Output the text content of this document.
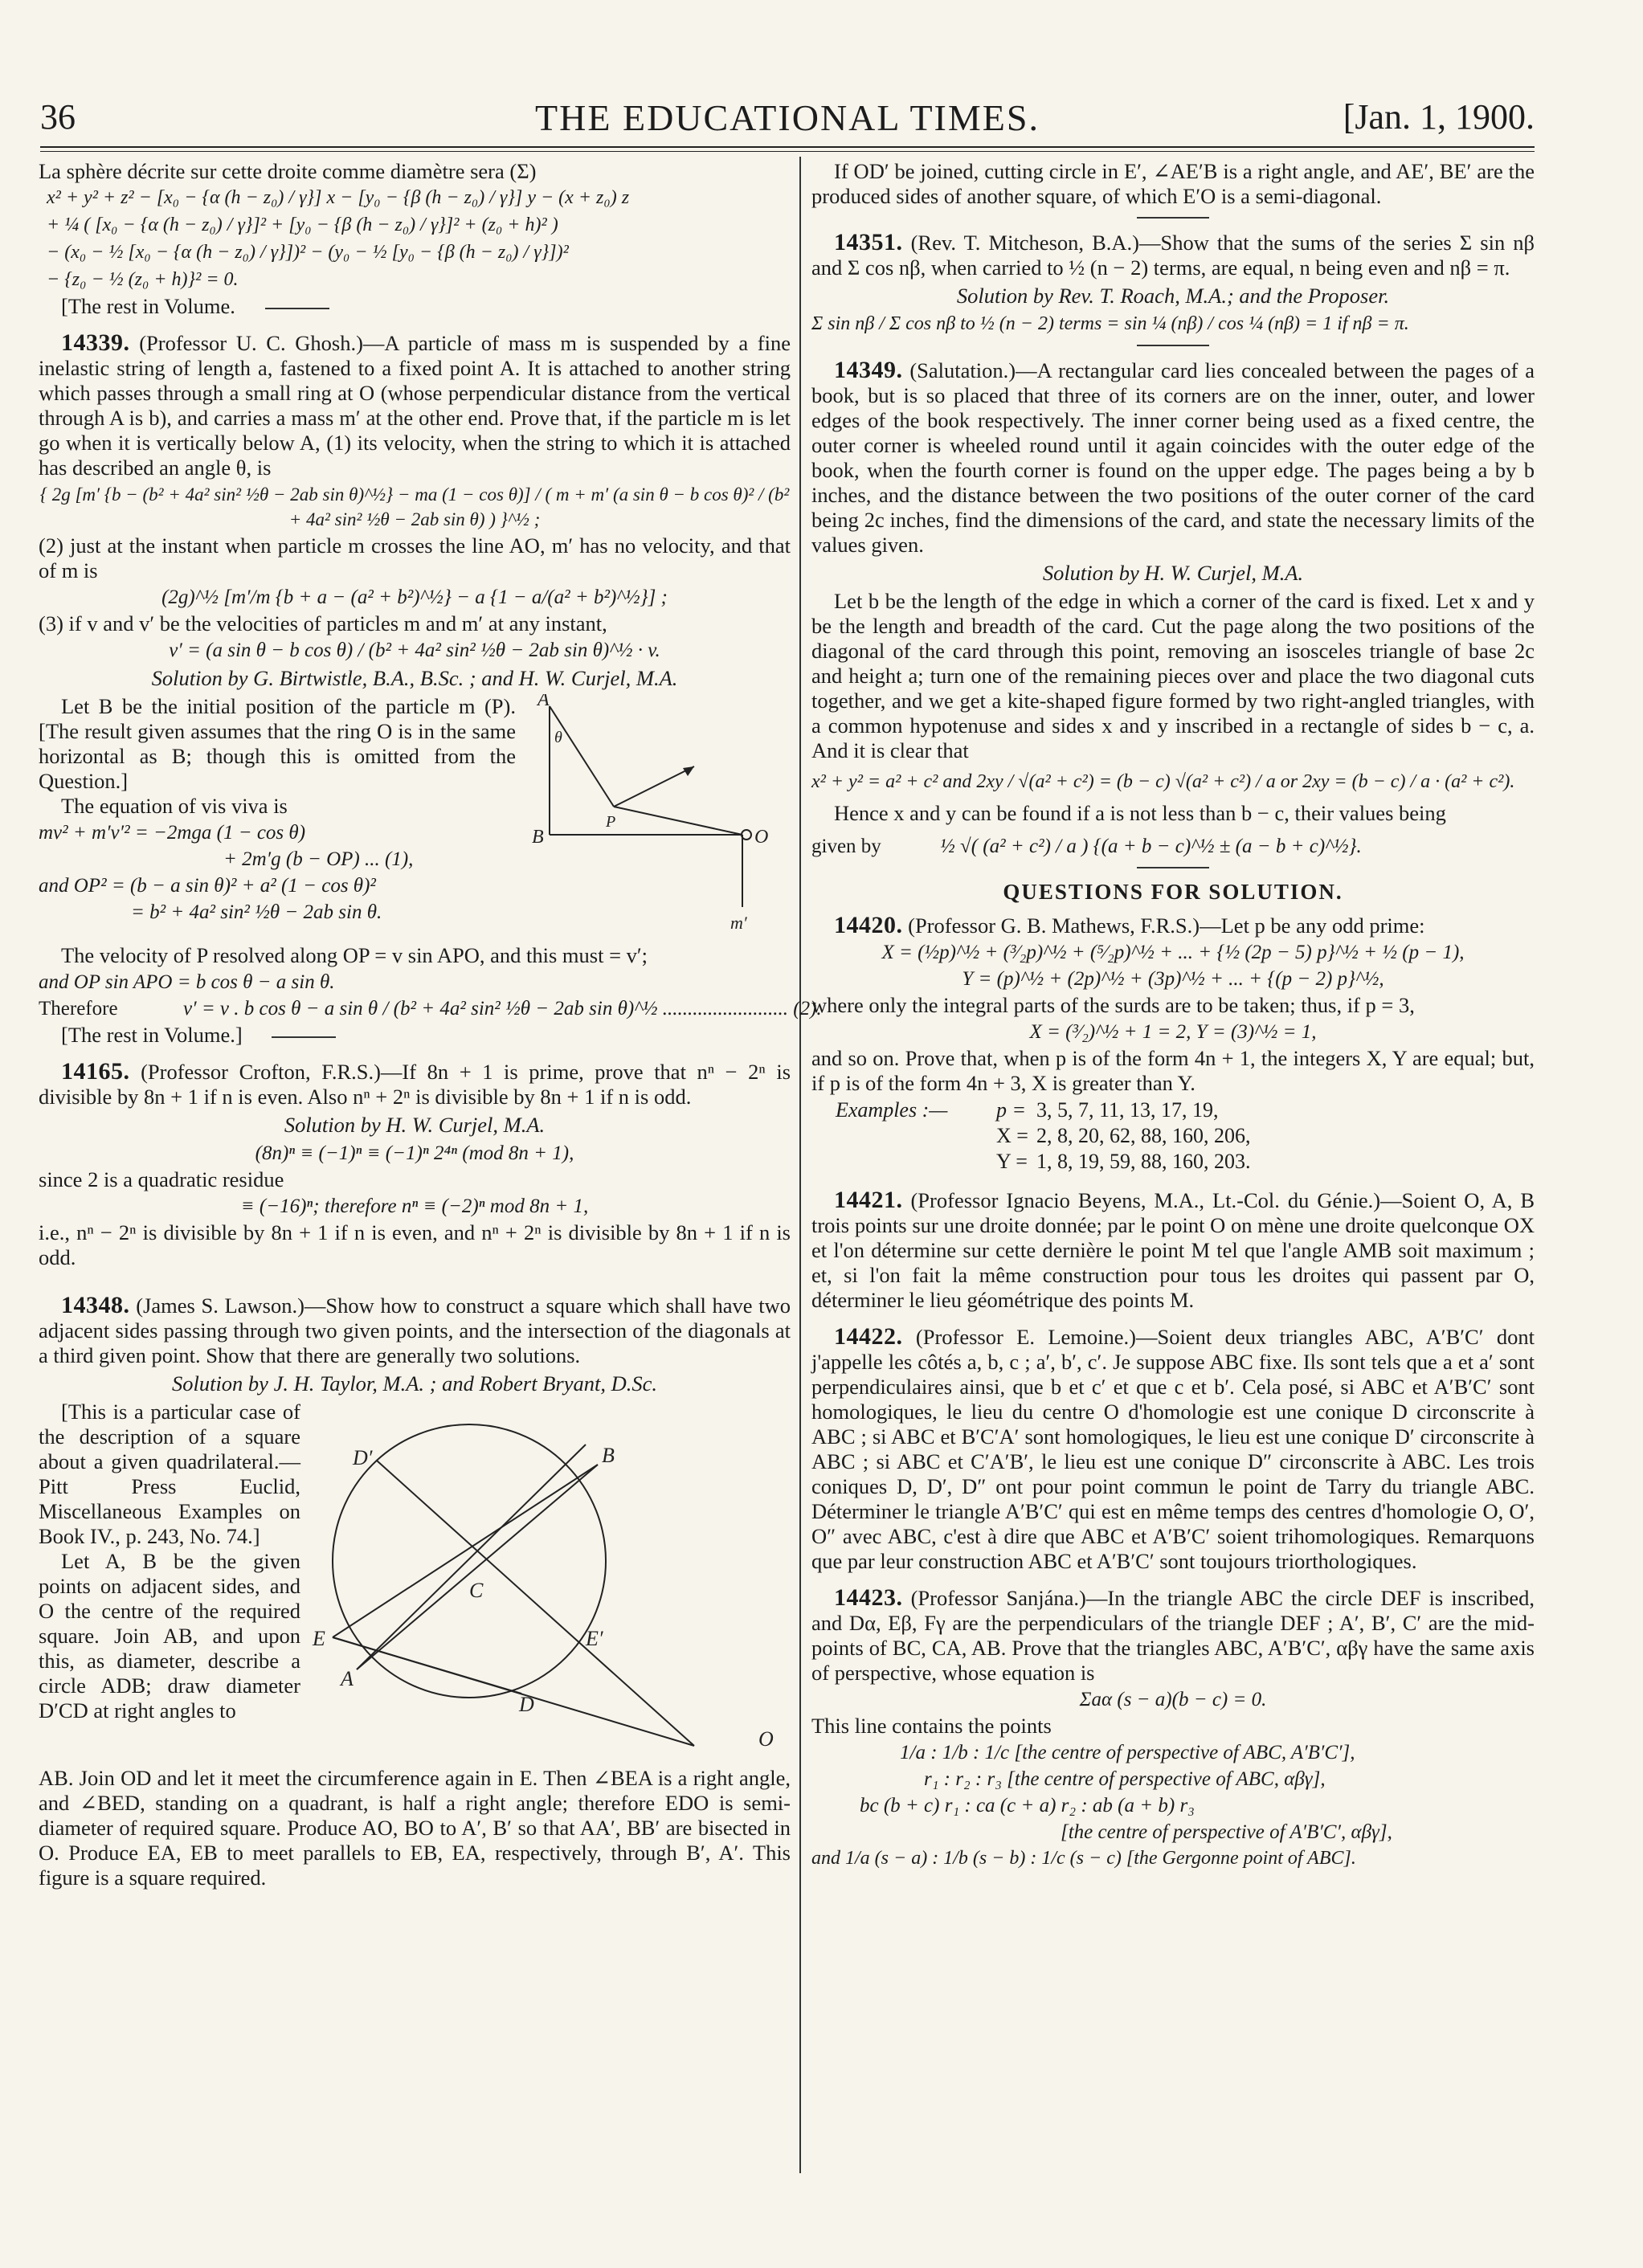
36	THE EDUCATIONAL TIMES.	[Jan. 1, 1900.

La sphère décrite sur cette droite comme diamètre sera (Σ)

x² + y² + z² − [x₀ − {α (h − z₀) / γ}] x − [y₀ − {β (h − z₀) / γ}] y − (x + z₀) z
+ ¼ ( [x₀ − {α (h − z₀) / γ}]² + [y₀ − {β (h − z₀) / γ}]² + (z₀ + h)² )
− (x₀ − ½ [x₀ − {α (h − z₀) / γ}])² − (y₀ − ½ [y₀ − {β (h − z₀) / γ}])²
− {z₀ − ½ (z₀ + h)}² = 0.

[The rest in Volume.

14339. (Professor U. C. Ghosh.)—A particle of mass m is suspended by a fine inelastic string of length a, fastened to a fixed point A. It is attached to another string which passes through a small ring at O (whose perpendicular distance from the vertical through A is b), and carries a mass m′ at the other end. Prove that, if the particle m is let go when it is vertically below A, (1) its velocity, when the string to which it is attached has described an angle θ, is

{ 2g [m′ {b − (b² + 4a² sin² ½θ − 2ab sin θ)^½} − ma (1 − cos θ)] / ( m + m′ (a sin θ − b cos θ)² / (b² + 4a² sin² ½θ − 2ab sin θ) ) }^½ ;

(2) just at the instant when particle m crosses the line AO, m′ has no velocity, and that of m is

(2g)^½ [m′/m {b + a − (a² + b²)^½} − a {1 − a/(a² + b²)^½}] ;

(3) if v and v′ be the velocities of particles m and m′ at any instant,

v′ = (a sin θ − b cos θ) / (b² + 4a² sin² ½θ − 2ab sin θ)^½ · v.

Solution by G. Birtwistle, B.A., B.Sc. ; and H. W. Curjel, M.A.

A
θ
B
P
O
m′

Let B be the initial position of the particle m (P). [The result given assumes that the ring O is in the same horizontal as B; though this is omitted from the Question.]

The equation of vis viva is

mv² + m′v′² = −2mga (1 − cos θ)
+ 2m′g (b − OP) ... (1),
and OP² = (b − a sin θ)² + a² (1 − cos θ)²
= b² + 4a² sin² ½θ − 2ab sin θ.

The velocity of P resolved along OP = v sin APO, and this must = v′;

and OP sin APO = b cos θ − a sin θ.
Therefore	v′ = v . b cos θ − a sin θ / (b² + 4a² sin² ½θ − 2ab sin θ)^½ ......................... (2).

[The rest in Volume.]

14165. (Professor Crofton, F.R.S.)—If 8n + 1 is prime, prove that nⁿ − 2ⁿ is divisible by 8n + 1 if n is even. Also nⁿ + 2ⁿ is divisible by 8n + 1 if n is odd.

Solution by H. W. Curjel, M.A.

(8n)ⁿ ≡ (−1)ⁿ ≡ (−1)ⁿ 2⁴ⁿ (mod 8n + 1),

since 2 is a quadratic residue

≡ (−16)ⁿ; therefore nⁿ ≡ (−2)ⁿ mod 8n + 1,

i.e., nⁿ − 2ⁿ is divisible by 8n + 1 if n is even, and nⁿ + 2ⁿ is divisible by 8n + 1 if n is odd.

14348. (James S. Lawson.)—Show how to construct a square which shall have two adjacent sides passing through two given points, and the intersection of the diagonals at a third given point. Show that there are generally two solutions.

Solution by J. H. Taylor, M.A. ; and Robert Bryant, D.Sc.

D′	B
C
E	E′
A
D
O

[This is a particular case of the description of a square about a given quadrilateral.—Pitt Press Euclid, Miscellaneous Examples on Book IV., p. 243, No. 74.]

Let A, B be the given points on adjacent sides, and O the centre of the required square. Join AB, and upon this, as diameter, describe a circle ADB; draw diameter D′CD at right angles to

AB. Join OD and let it meet the circumference again in E. Then ∠BEA is a right angle, and ∠BED, standing on a quadrant, is half a right angle; therefore EDO is semi-diameter of required square. Produce AO, BO to A′, B′ so that AA′, BB′ are bisected in O. Produce EA, EB to meet parallels to EB, EA, respectively, through B′, A′. This figure is a square required.

If OD′ be joined, cutting circle in E′, ∠AE′B is a right angle, and AE′, BE′ are the produced sides of another square, of which E′O is a semi-diagonal.

14351. (Rev. T. Mitcheson, B.A.)—Show that the sums of the series Σ sin nβ and Σ cos nβ, when carried to ½ (n − 2) terms, are equal, n being even and nβ = π.

Solution by Rev. T. Roach, M.A.; and the Proposer.

Σ sin nβ / Σ cos nβ to ½ (n − 2) terms = sin ¼ (nβ) / cos ¼ (nβ) = 1 if nβ = π.

14349. (Salutation.)—A rectangular card lies concealed between the pages of a book, but is so placed that three of its corners are on the inner, outer, and lower edges of the book respectively. The inner corner being used as a fixed centre, the outer corner is wheeled round until it again coincides with the outer edge of the book, when the fourth corner is found on the upper edge. The pages being a by b inches, and the distance between the two positions of the outer corner of the card being 2c inches, find the dimensions of the card, and state the necessary limits of the values given.

Solution by H. W. Curjel, M.A.

Let b be the length of the edge in which a corner of the card is fixed. Let x and y be the length and breadth of the card. Cut the page along the two positions of the diagonal of the card through this point, removing an isosceles triangle of base 2c and height a; turn one of the remaining pieces over and place the two diagonal cuts together, and we get a kite-shaped figure formed by two right-angled triangles, with a common hypotenuse and sides x and y inscribed in a rectangle of sides b − c, a. And it is clear that

x² + y² = a² + c² and 2xy / √(a² + c²) = (b − c) √(a² + c²) / a or 2xy = (b − c) / a · (a² + c²).

Hence x and y can be found if a is not less than b − c, their values being

given by	½ √( (a² + c²) / a ) {(a + b − c)^½ ± (a − b + c)^½}.
QUESTIONS FOR SOLUTION.

14420. (Professor G. B. Mathews, F.R.S.)—Let p be any odd prime:

X = (½p)^½ + (³⁄₂p)^½ + (⁵⁄₂p)^½ + ... + {½ (2p − 5) p}^½ + ½ (p − 1),
Y = (p)^½ + (2p)^½ + (3p)^½ + ... + {(p − 2) p}^½,

where only the integral parts of the surds are to be taken; thus, if p = 3,

X = (³⁄₂)^½ + 1 = 2, Y = (3)^½ = 1,

and so on. Prove that, when p is of the form 4n + 1, the integers X, Y are equal; but, if p is of the form 4n + 3, X is greater than Y.

Examples :— p = 3, 5, 7, 11, 13, 17, 19,
X = 2, 8, 20, 62, 88, 160, 206,
Y = 1, 8, 19, 59, 88, 160, 203.

14421. (Professor Ignacio Beyens, M.A., Lt.-Col. du Génie.)—Soient O, A, B trois points sur une droite donnée; par le point O on mène une droite quelconque OX et l'on détermine sur cette dernière le point M tel que l'angle AMB soit maximum ; et, si l'on fait la même construction pour tous les droites qui passent par O, déterminer le lieu géométrique des points M.

14422. (Professor E. Lemoine.)—Soient deux triangles ABC, A′B′C′ dont j'appelle les côtés a, b, c ; a′, b′, c′. Je suppose ABC fixe. Ils sont tels que a et a′ sont perpendiculaires ainsi, que b et c′ et que c et b′. Cela posé, si ABC et A′B′C′ sont homologiques, le lieu du centre O d'homologie est une conique D circonscrite à ABC ; si ABC et B′C′A′ sont homologiques, le lieu est une conique D′ circonscrite à ABC ; si ABC et C′A′B′, le lieu est une conique D″ circonscrite à ABC. Les trois coniques D, D′, D″ ont pour point commun le point de Tarry du triangle ABC. Déterminer le triangle A′B′C′ qui est en même temps des centres d'homologie O, O′, O″ avec ABC, c'est à dire que ABC et A′B′C′ soient trihomologiques. Remarquons que par leur construction ABC et A′B′C′ sont toujours triorthologiques.

14423. (Professor Sanjána.)—In the triangle ABC the circle DEF is inscribed, and Dα, Eβ, Fγ are the perpendiculars of the triangle DEF ; A′, B′, C′ are the mid-points of BC, CA, AB. Prove that the triangles ABC, A′B′C′, αβγ have the same axis of perspective, whose equation is

Σaα (s − a)(b − c) = 0.

This line contains the points

1/a : 1/b : 1/c [the centre of perspective of ABC, A′B′C′],
r₁ : r₂ : r₃ [the centre of perspective of ABC, αβγ],
bc (b + c) r₁ : ca (c + a) r₂ : ab (a + b) r₃
[the centre of perspective of A′B′C′, αβγ],
and 1/a (s − a) : 1/b (s − b) : 1/c (s − c) [the Gergonne point of ABC].
